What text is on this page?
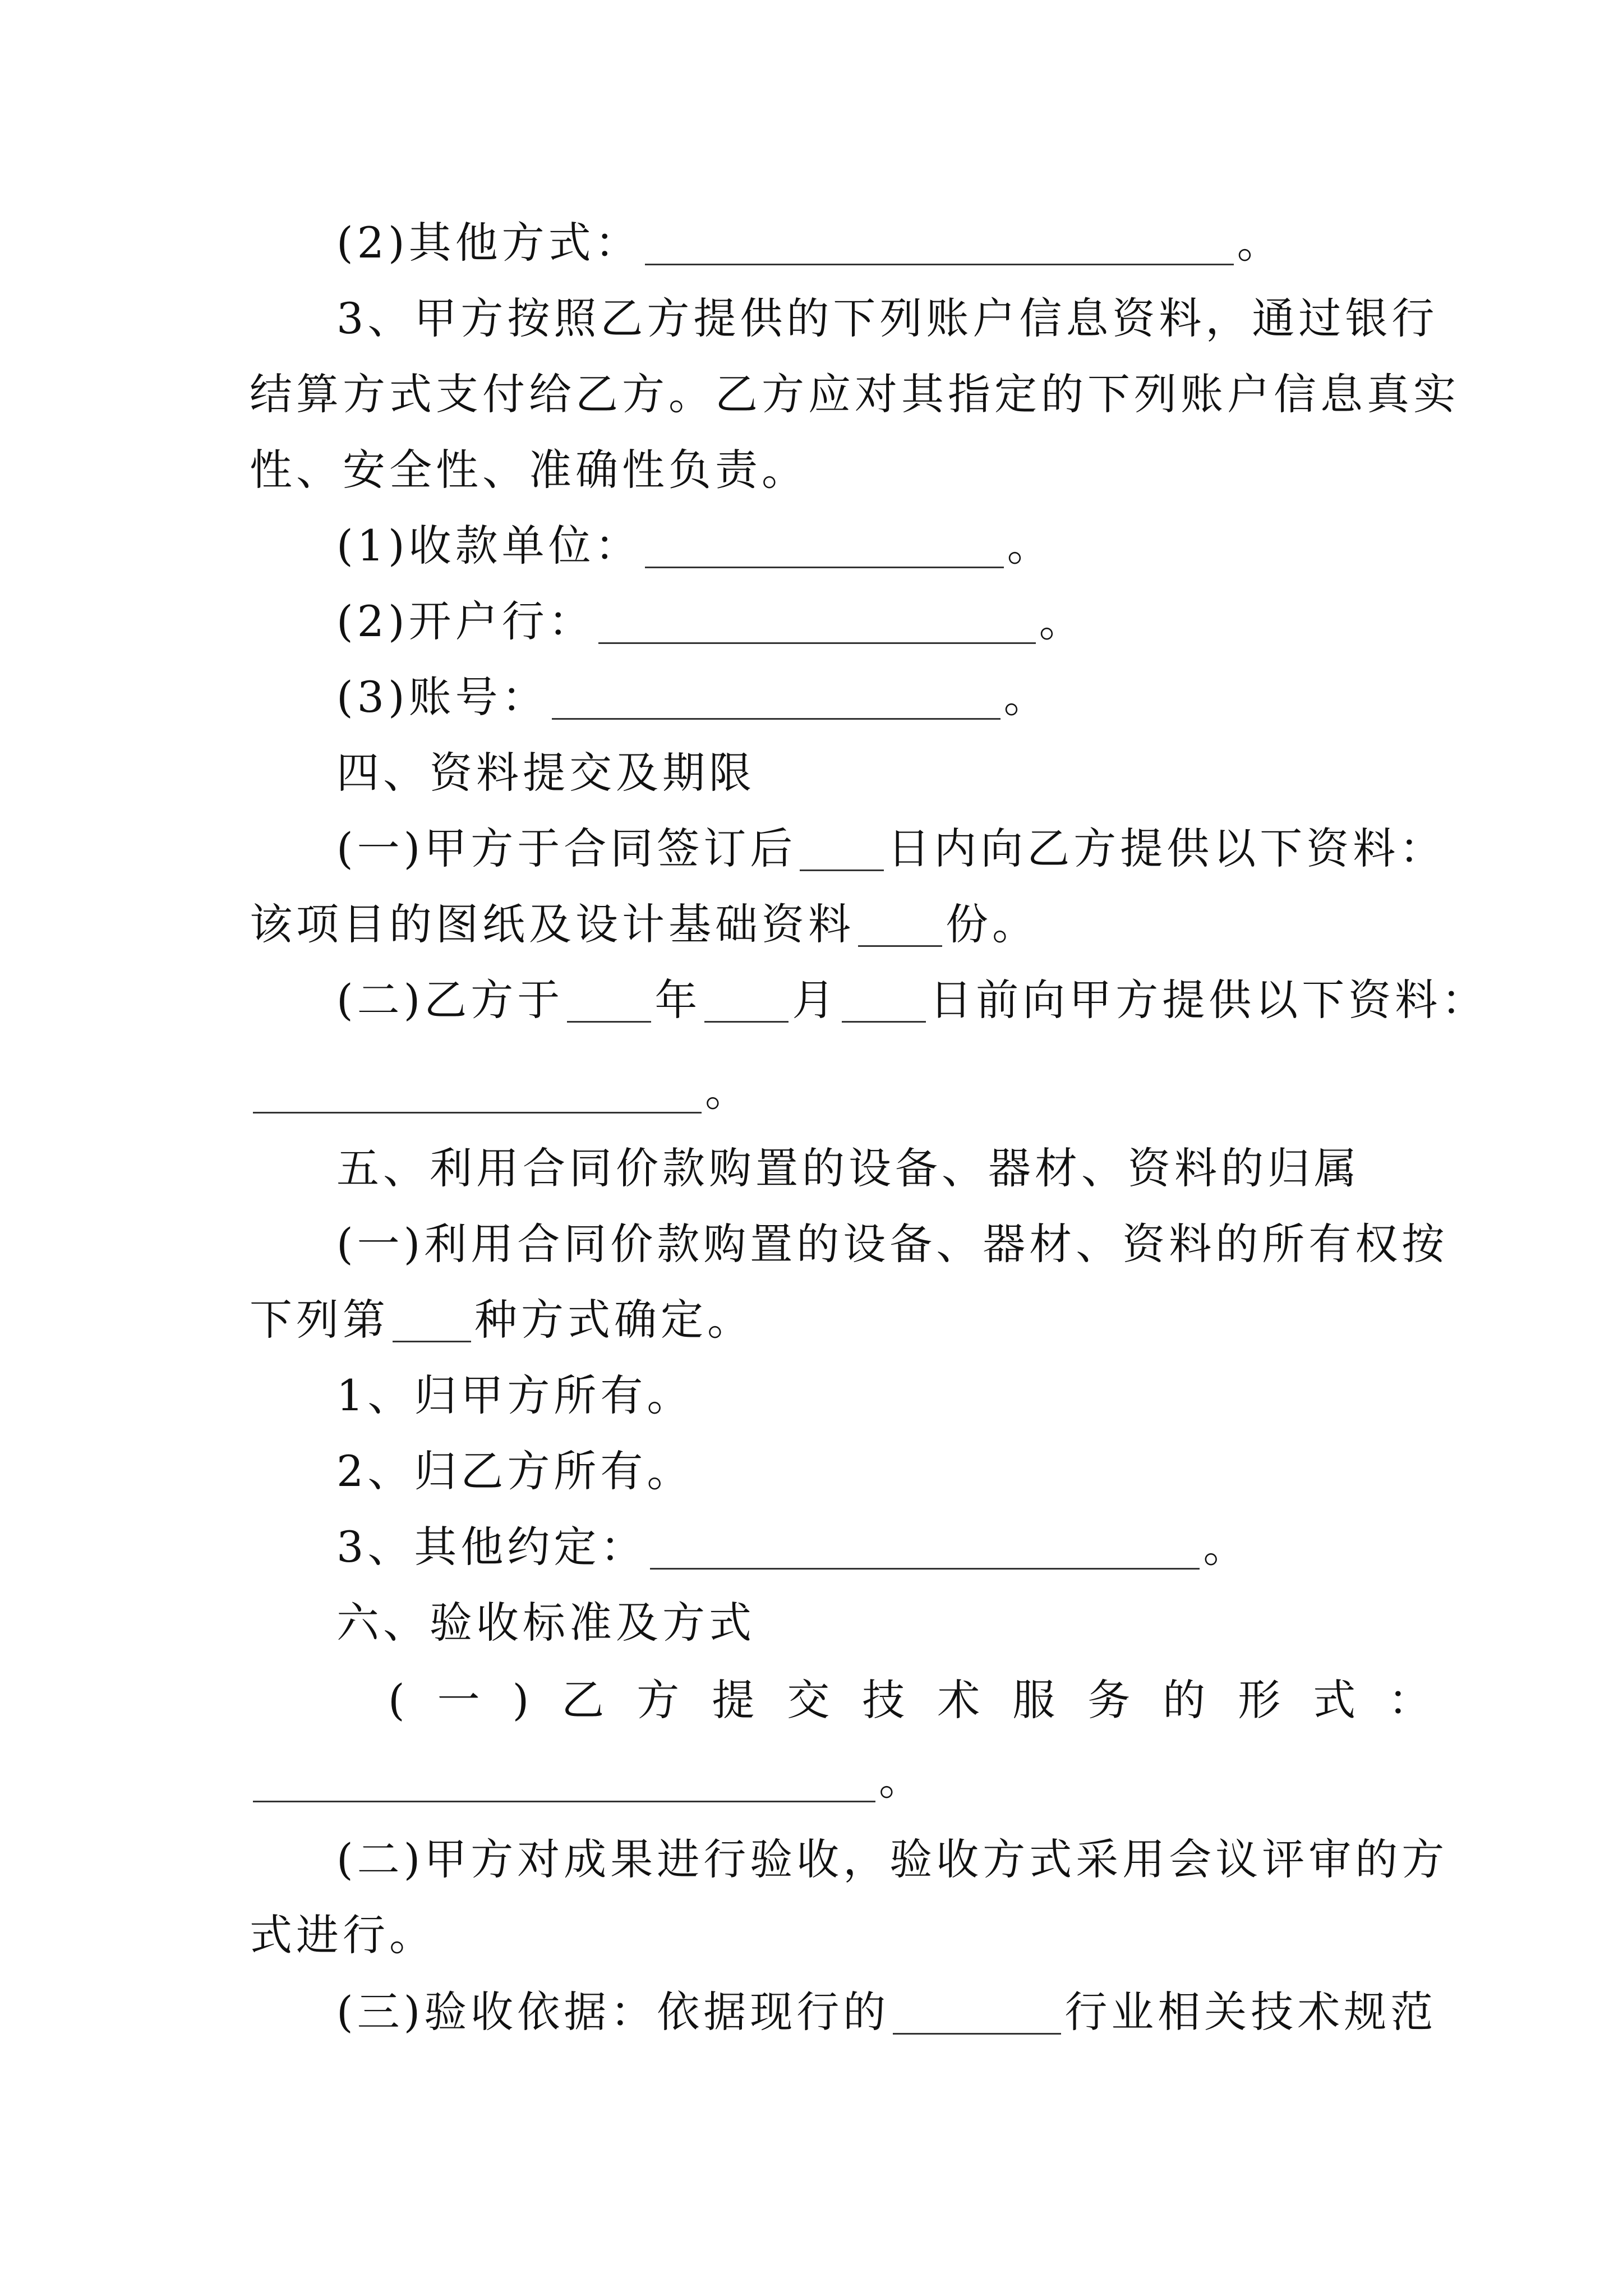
(2)其他方式：	。
3、甲方按照乙方提供的下列账户信息资料，通过银行
结算方式支付给乙方。乙方应对其指定的下列账户信息真实
性、安全性、准确性负责。
(1)收款单位：	。
(2)开户行：	。
(3)账号：	。
四、资料提交及期限
(一)甲方于合同签订后 日内向乙方提供以下资料：
该项目的图纸及设计基础资料 份。
(二)乙方于 年 月 日前向甲方提供以下资料：
。
五、利用合同价款购置的设备、器材、资料的归属
(一)利用合同价款购置的设备、器材、资料的所有权按
下列第 种方式确定。
1、归甲方所有。
2、归乙方所有。
3、其他约定：	。
六、验收标准及方式
(一)乙方提交技术服务的形式：
。
(二)甲方对成果进行验收，验收方式采用会议评审的方
式进行。
(三)验收依据：依据现行的	行业相关技术规范
